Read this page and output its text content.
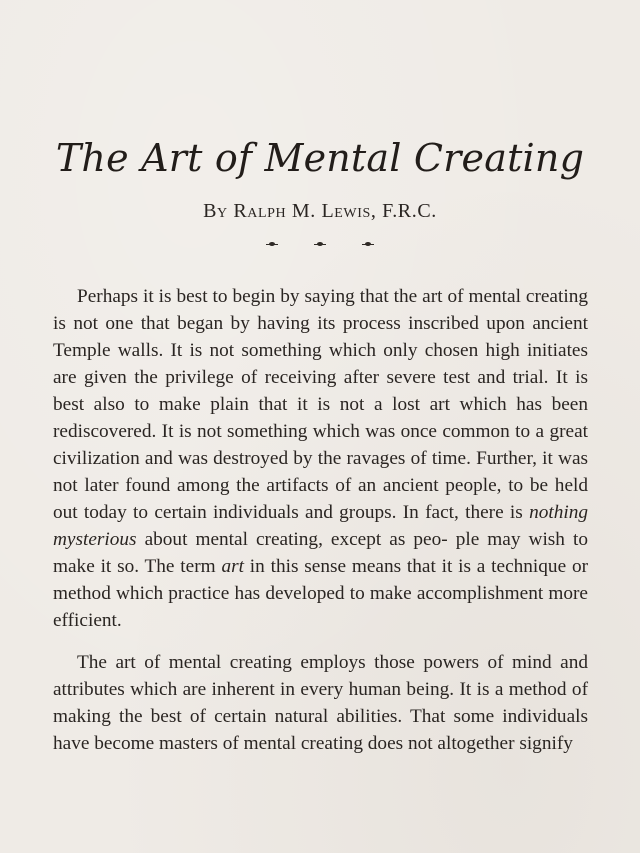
The Art of Mental Creating
By Ralph M. Lewis, F.R.C.

Perhaps it is best to begin by saying that the art of mental creating is not one that began by having its process inscribed upon ancient Temple walls. It is not something which only chosen high initiates are given the privilege of receiving after severe test and trial. It is best also to make plain that it is not a lost art which has been rediscovered. It is not something which was once common to a great civilization and was destroyed by the ravages of time. Further, it was not later found among the artifacts of an ancient people, to be held out today to certain individuals and groups. In fact, there is nothing mysterious about mental creating, except as peo- ple may wish to make it so. The term art in this sense means that it is a technique or method which practice has developed to make accomplishment more efficient.

The art of mental creating employs those powers of mind and attributes which are inherent in every human being. It is a method of making the best of certain natural abilities. That some individuals have become masters of mental creating does not altogether signify
